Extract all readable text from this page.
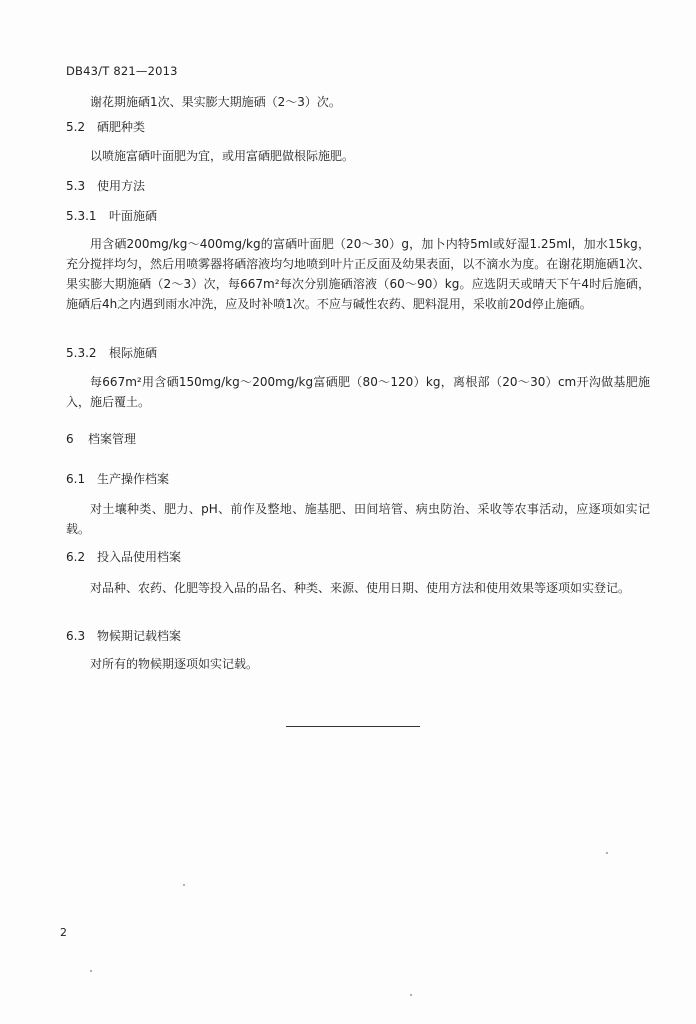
DB43/T 821—2013

谢花期施硒1次、果实膨大期施硒（2～3）次。

5.2 硒肥种类

以喷施富硒叶面肥为宜，或用富硒肥做根际施肥。

5.3 使用方法
5.3.1 叶面施硒

用含硒200mg/kg～400mg/kg的富硒叶面肥（20～30）g，加卜内特5ml或好湿1.25ml，加水15kg，充分搅拌均匀，然后用喷雾器将硒溶液均匀地喷到叶片正反面及幼果表面，以不滴水为度。在谢花期施硒1次、果实膨大期施硒（2～3）次，每667m²每次分别施硒溶液（60～90）kg。应选阴天或晴天下午4时后施硒，施硒后4h之内遇到雨水冲洗，应及时补喷1次。不应与碱性农药、肥料混用，采收前20d停止施硒。

5.3.2 根际施硒

每667m²用含硒150mg/kg～200mg/kg富硒肥（80～120）kg，离根部（20～30）cm开沟做基肥施入，施后覆土。

6 档案管理
6.1 生产操作档案

对土壤种类、肥力、pH、前作及整地、施基肥、田间培管、病虫防治、采收等农事活动，应逐项如实记载。

6.2 投入品使用档案

对品种、农药、化肥等投入品的品名、种类、来源、使用日期、使用方法和使用效果等逐项如实登记。

6.3 物候期记载档案

对所有的物候期逐项如实记载。

2
